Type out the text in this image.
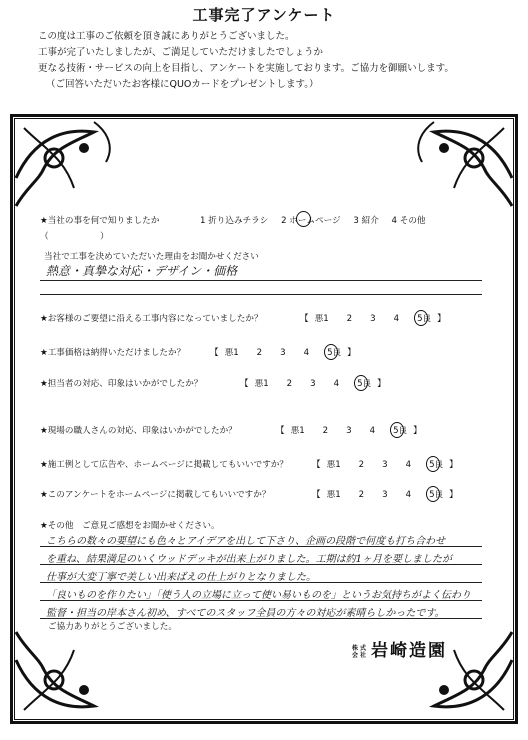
工事完了アンケート
この度は工事のご依頼を頂き誠にありがとうございました。
工事が完了いたしましたが、ご満足していただけましたでしょうか
更なる技術・サービスの向上を目指し、アンケートを実施しております。ご協力を御願いします。
（ご回答いただいたお客様にQUOカードをプレゼントします。）
★当社の事を何で知りましたか	1 折り込みチラシ 2 ホームページ 3 紹介 4 その他
（　　　　　　）
当社で工事を決めていただいた理由をお聞かせください
熱意・真摯な対応・デザイン・価格
★お客様のご要望に沿える工事内容になっていましたか？	【 悪1 2 3 4 5良 】
★工事価格は納得いただけましたか？	【 悪1 2 3 4 5良 】
★担当者の対応、印象はいかがでしたか？	【 悪1 2 3 4 5良 】
★現場の職人さんの対応、印象はいかがでしたか？	【 悪1 2 3 4 5良 】
★施工例として広告や、ホームページに掲載してもいいですか？	【 悪1 2 3 4 5良 】
★このアンケートをホームページに掲載してもいいですか？	【 悪1 2 3 4 5良 】
★その他　ご意見ご感想をお聞かせください。
こちらの数々の要望にも色々とアイデアを出して下さり、企画の段階で何度も打ち合わせ
を重ね、結果満足のいくウッドデッキが出来上がりました。工期は約1ヶ月を要しましたが
仕事が大変丁寧で美しい出来ばえの仕上がりとなりました。
「良いものを作りたい」「使う人の立場に立って使い易いものを」というお気持ちがよく伝わり
監督・担当の岸本さん初め、すべてのスタッフ全員の方々の対応が素晴らしかったです。
ご協力ありがとうございました。
株式
会社 岩崎造園
